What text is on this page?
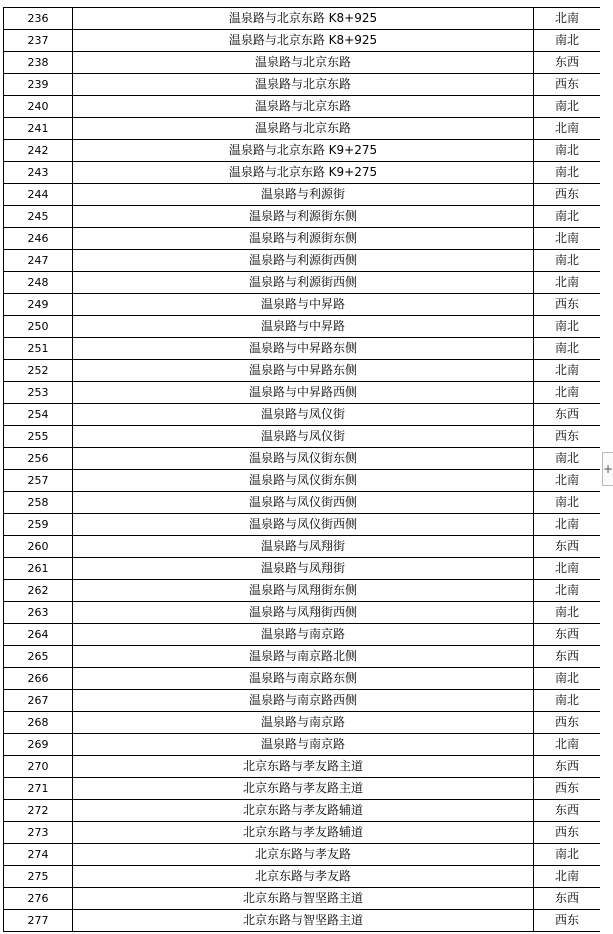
236	温泉路与北京东路 K8+925	北南
237	温泉路与北京东路 K8+925	南北
238	温泉路与北京东路	东西
239	温泉路与北京东路	西东
240	温泉路与北京东路	南北
241	温泉路与北京东路	北南
242	温泉路与北京东路 K9+275	南北
243	温泉路与北京东路 K9+275	南北
244	温泉路与利源街	西东
245	温泉路与利源街东侧	南北
246	温泉路与利源街东侧	北南
247	温泉路与利源街西侧	南北
248	温泉路与利源街西侧	北南
249	温泉路与中昇路	西东
250	温泉路与中昇路	南北
251	温泉路与中昇路东侧	南北
252	温泉路与中昇路东侧	北南
253	温泉路与中昇路西侧	北南
254	温泉路与凤仪街	东西
255	温泉路与凤仪街	西东
256	温泉路与凤仪街东侧	南北
257	温泉路与凤仪街东侧	北南
258	温泉路与凤仪街西侧	南北
259	温泉路与凤仪街西侧	北南
260	温泉路与凤翔街	东西
261	温泉路与凤翔街	北南
262	温泉路与凤翔街东侧	北南
263	温泉路与凤翔街西侧	南北
264	温泉路与南京路	东西
265	温泉路与南京路北侧	东西
266	温泉路与南京路东侧	南北
267	温泉路与南京路西侧	南北
268	温泉路与南京路	西东
269	温泉路与南京路	北南
270	北京东路与孝友路主道	东西
271	北京东路与孝友路主道	西东
272	北京东路与孝友路辅道	东西
273	北京东路与孝友路辅道	西东
274	北京东路与孝友路	南北
275	北京东路与孝友路	北南
276	北京东路与智坚路主道	东西
277	北京东路与智坚路主道	西东
+
